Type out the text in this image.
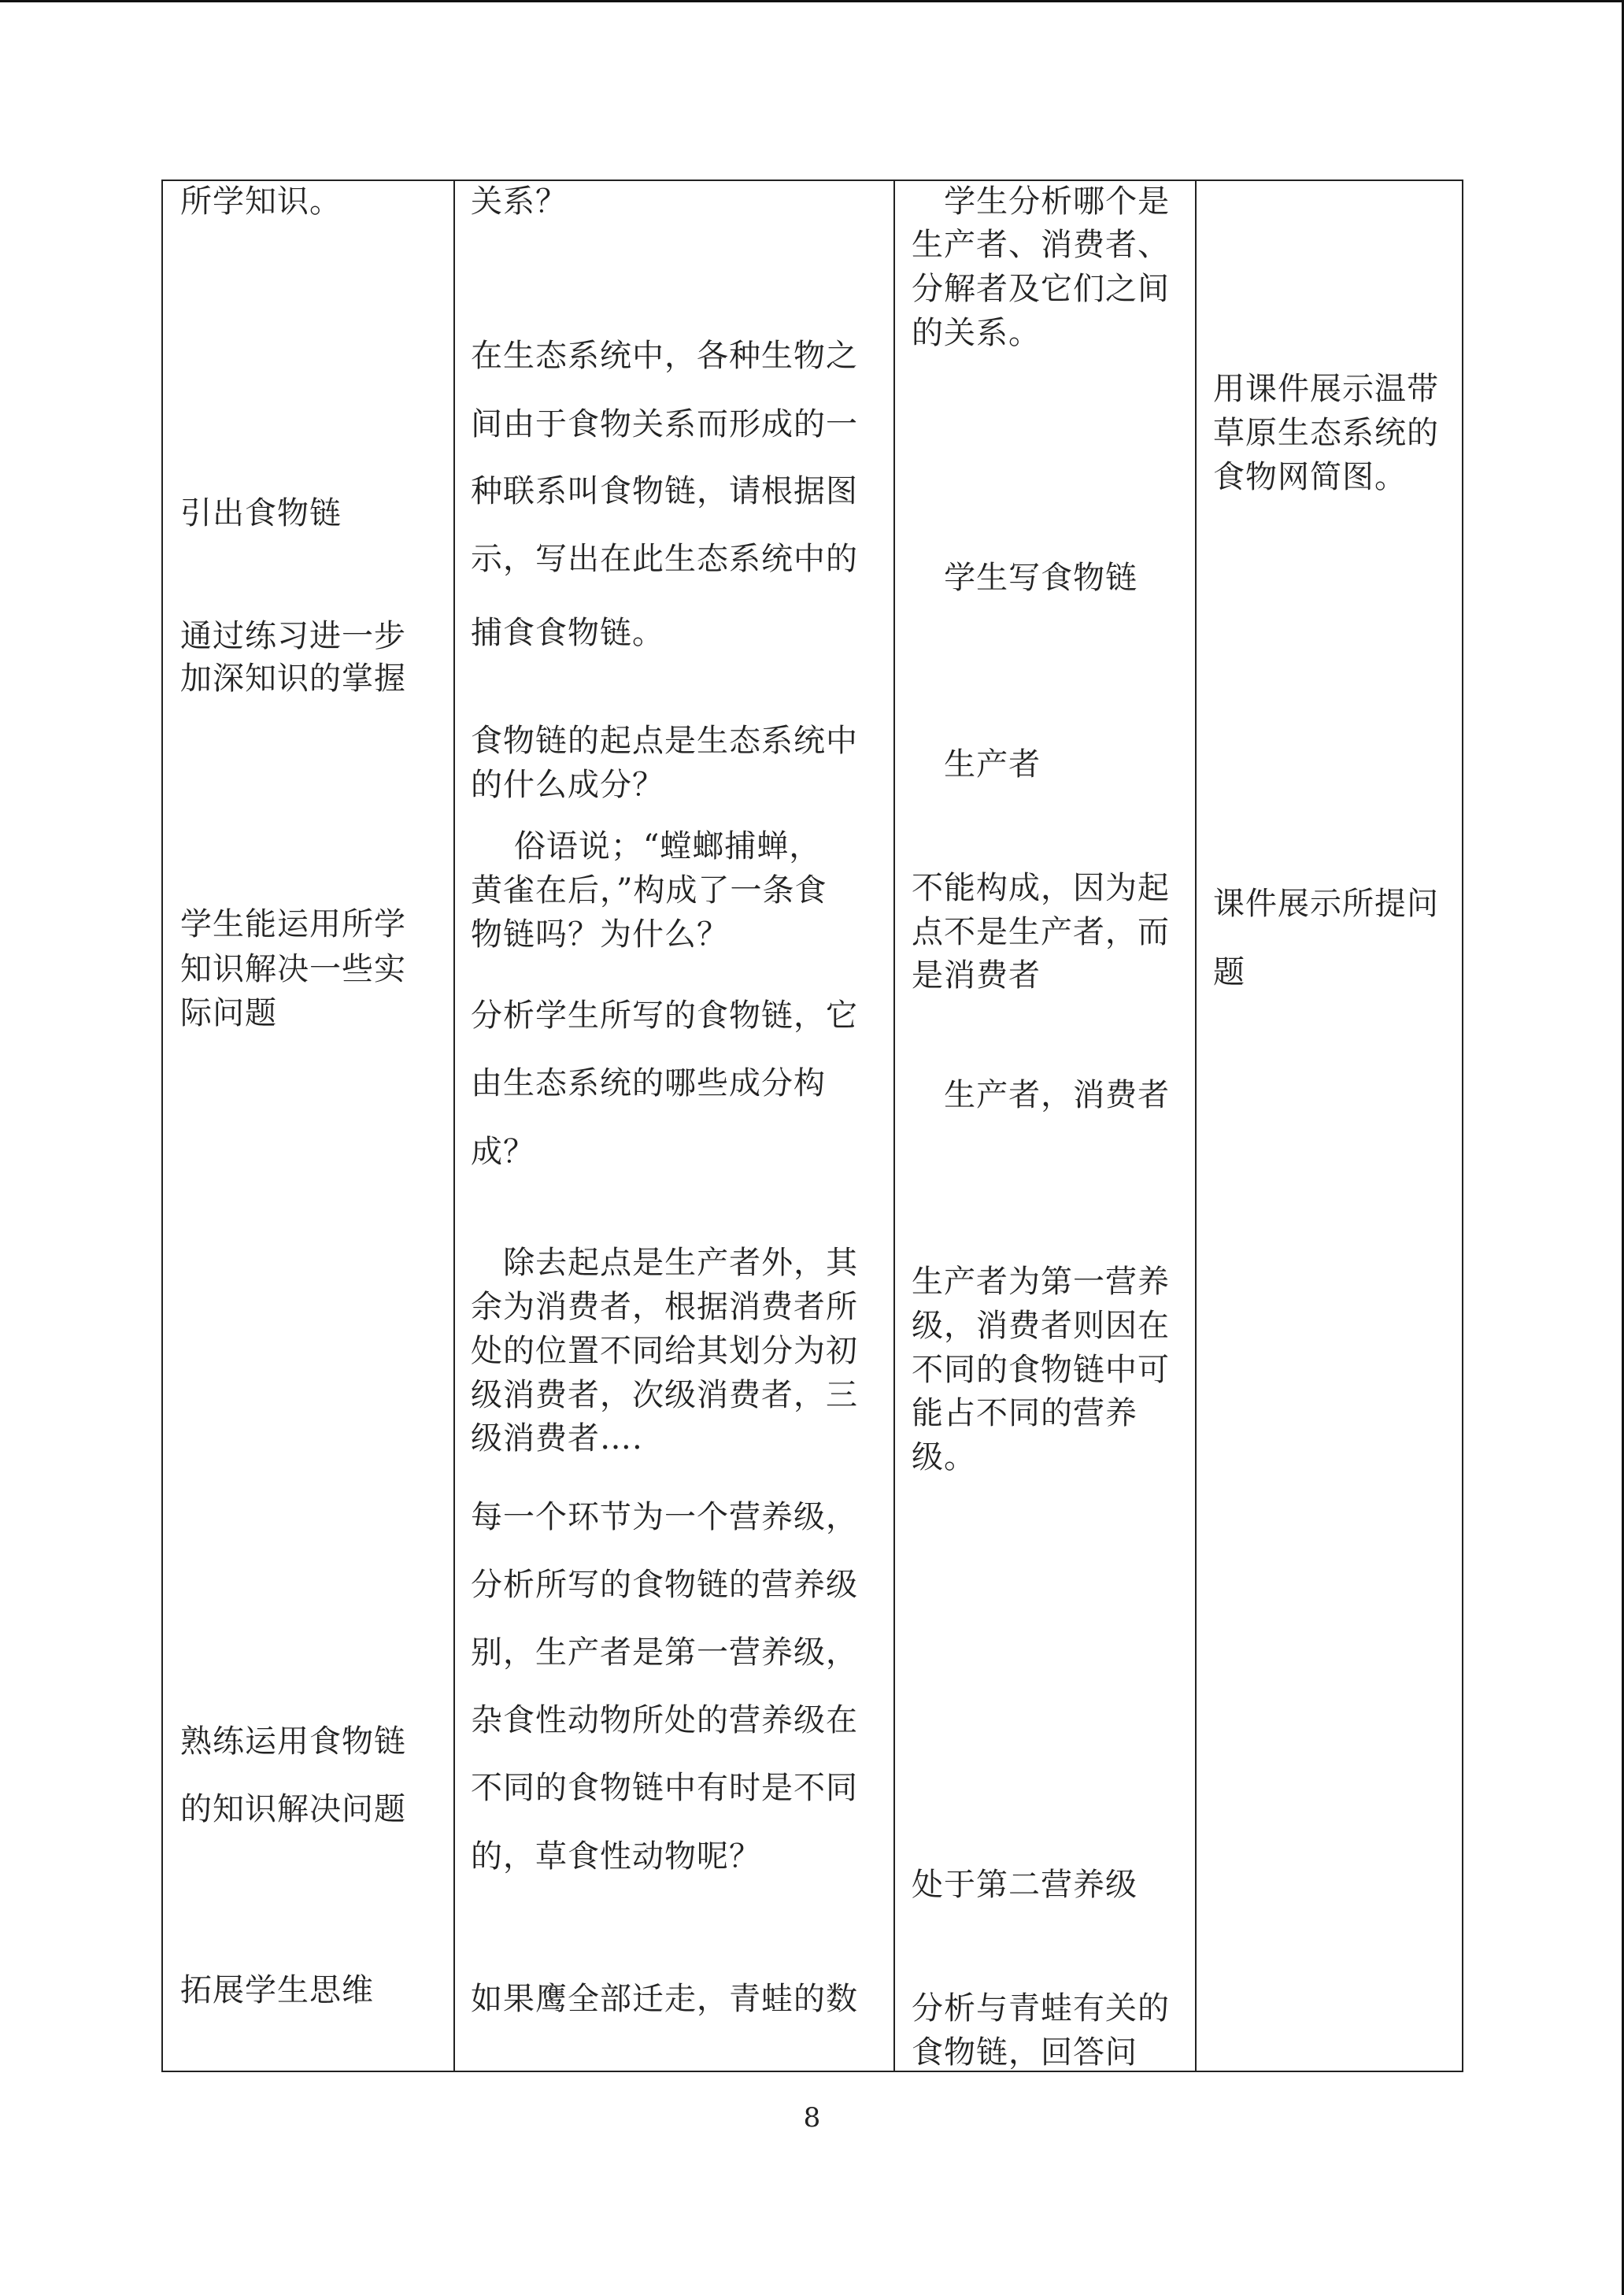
8
所学知识。
引出食物链
通过练习进一步
加深知识的掌握
学生能运用所学
知识解决一些实
际问题
熟练运用食物链
的知识解决问题
拓展学生思维
关系？
在生态系统中，各种生物之
间由于食物关系而形成的一
种联系叫食物链，请根据图
示，写出在此生态系统中的
捕食食物链。
食物链的起点是生态系统中
的什么成分？
俗语说；“螳螂捕蝉，
黄雀在后，”构成了一条食
物链吗？为什么？
分析学生所写的食物链，它
由生态系统的哪些成分构
成？
除去起点是生产者外，其
余为消费者，根据消费者所
处的位置不同给其划分为初
级消费者，次级消费者，三
级消费者….
每一个环节为一个营养级，
分析所写的食物链的营养级
别，生产者是第一营养级，
杂食性动物所处的营养级在
不同的食物链中有时是不同
的，草食性动物呢？
如果鹰全部迁走，青蛙的数
学生分析哪个是
生产者、消费者、
分解者及它们之间
的关系。
学生写食物链
生产者
不能构成，因为起
点不是生产者，而
是消费者
生产者，消费者
生产者为第一营养
级，消费者则因在
不同的食物链中可
能占不同的营养
级。
处于第二营养级
分析与青蛙有关的
食物链，回答问
用课件展示温带
草原生态系统的
食物网简图。
课件展示所提问
题
